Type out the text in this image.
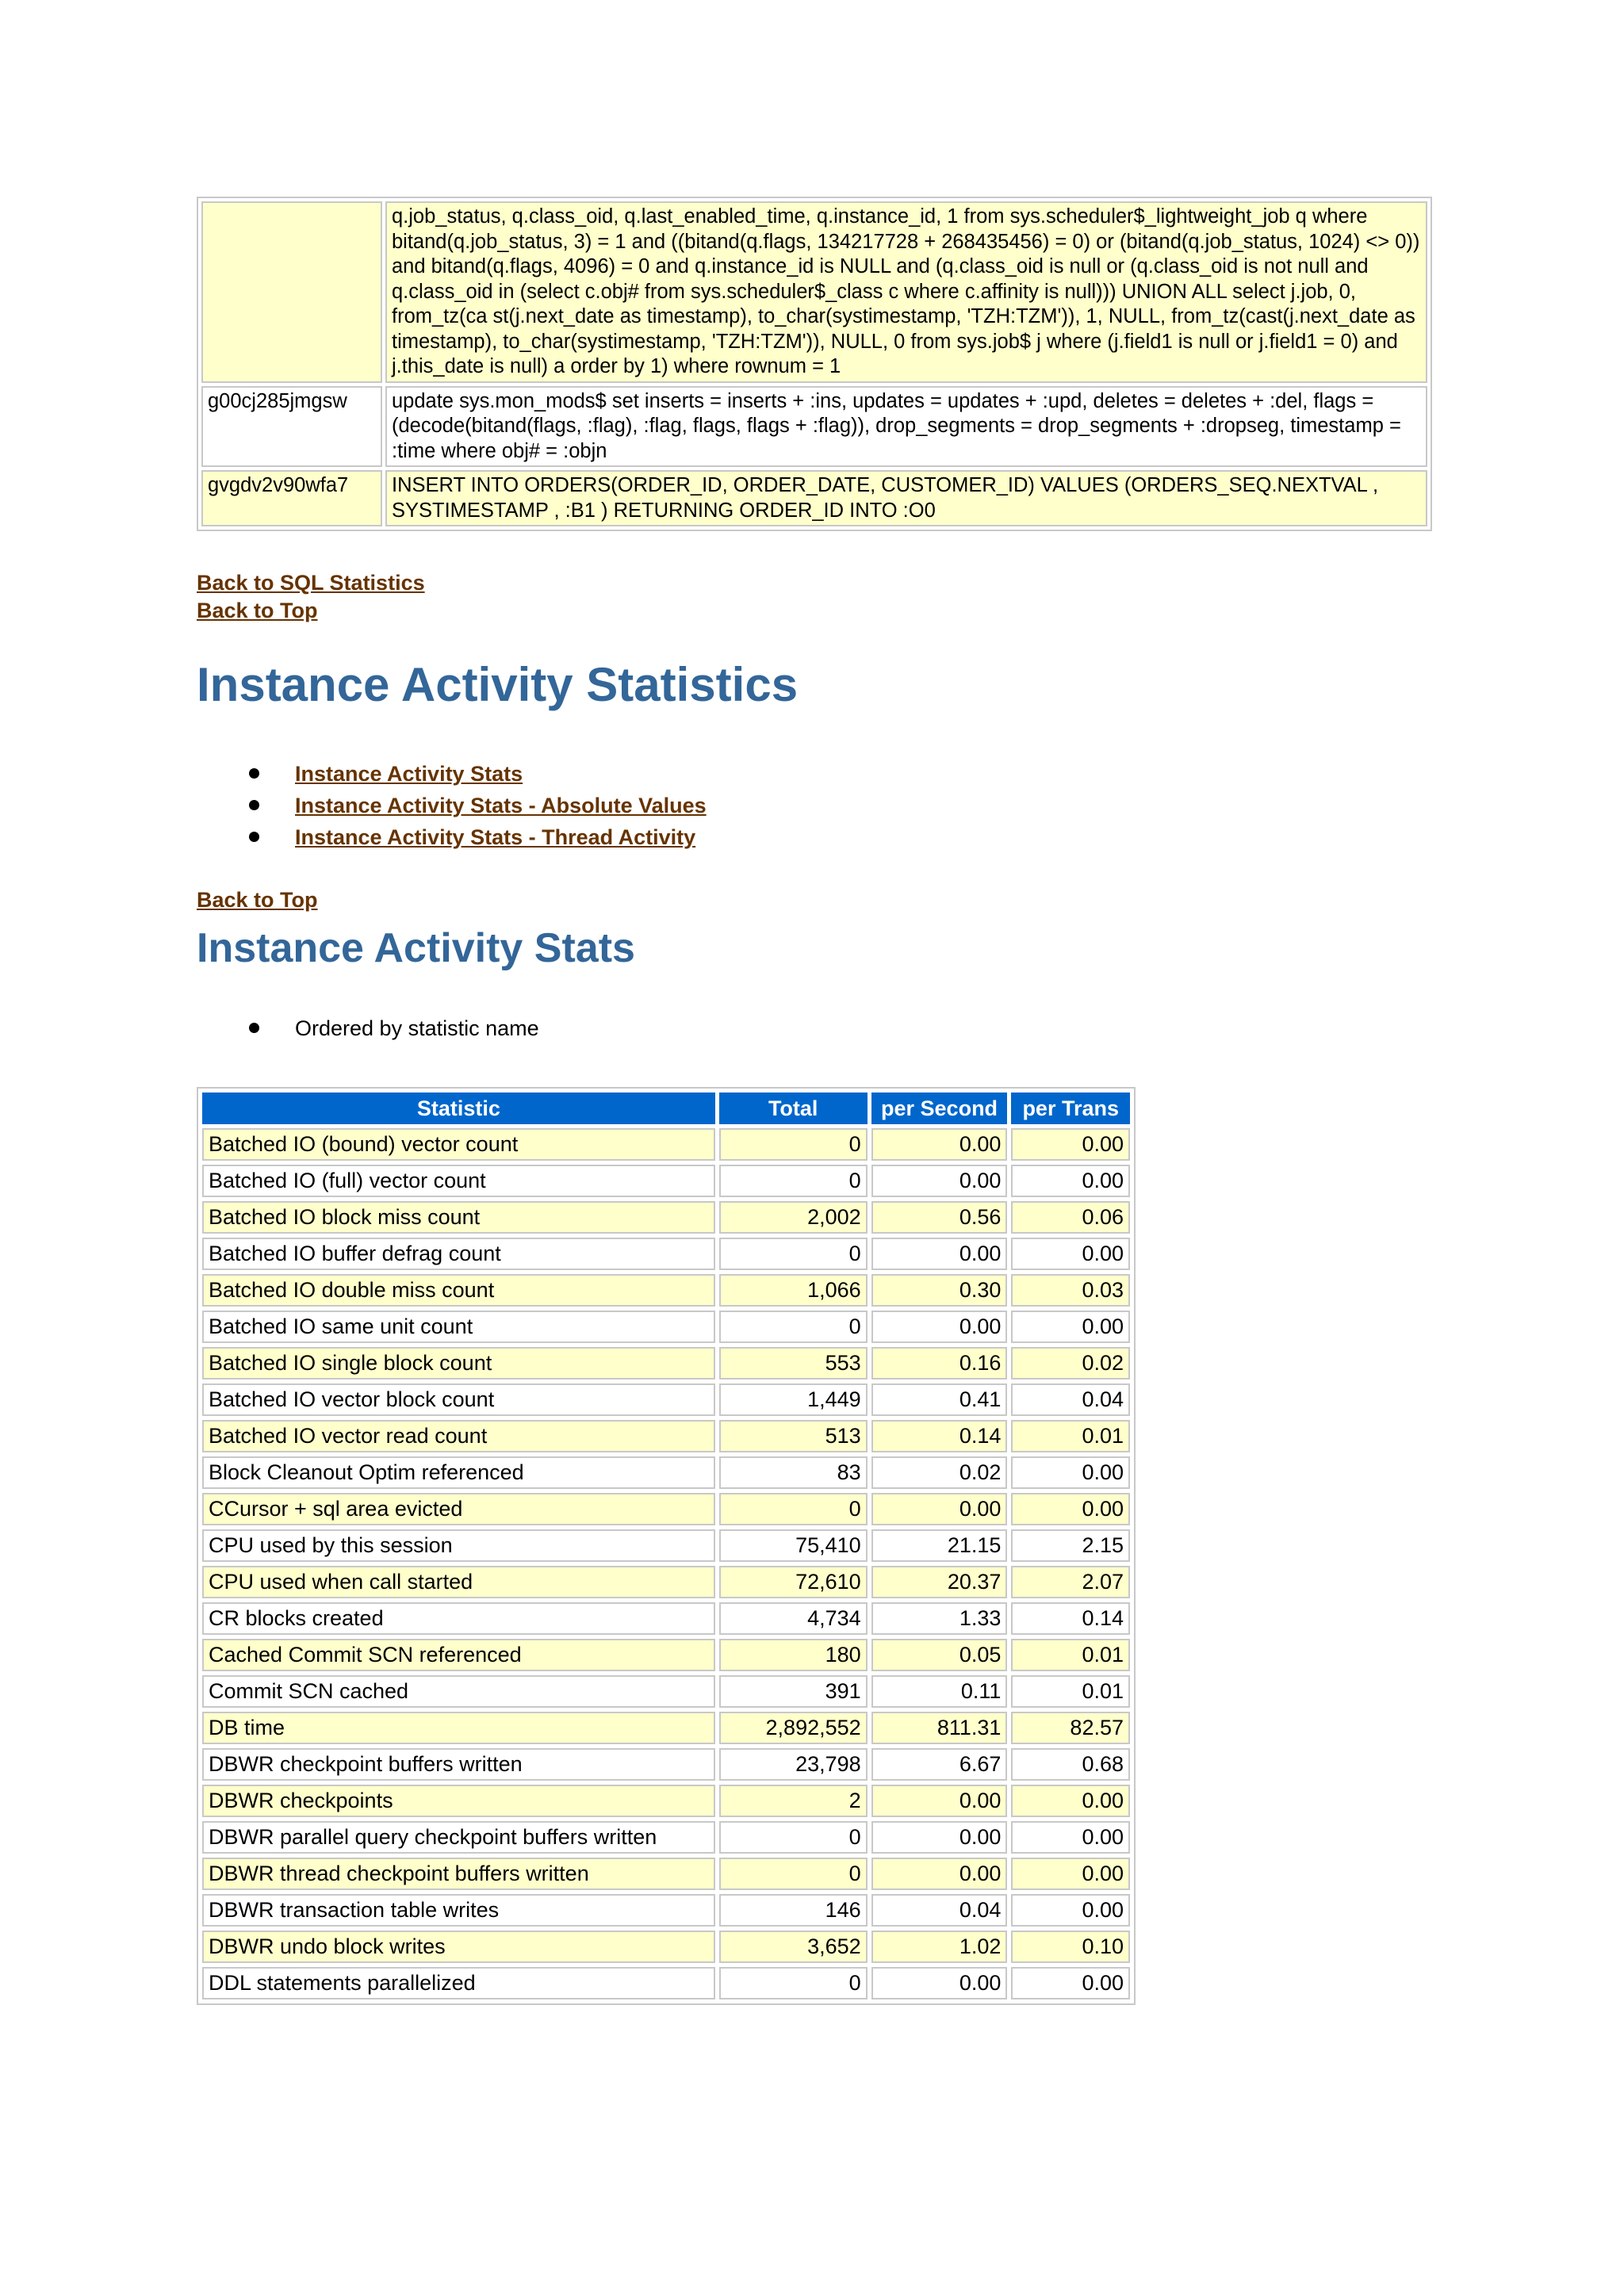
	q.job_status, q.class_oid, q.last_enabled_time, q.instance_id, 1 from sys.scheduler$_lightweight_job q where bitand(q.job_status, 3) = 1 and ((bitand(q.flags, 134217728 + 268435456) = 0) or (bitand(q.job_status, 1024) <> 0)) and bitand(q.flags, 4096) = 0 and q.instance_id is NULL and (q.class_oid is null or (q.class_oid is not null and q.class_oid in (select c.obj# from sys.scheduler$_class c where c.affinity is null))) UNION ALL select j.job, 0, from_tz(ca st(j.next_date as timestamp), to_char(systimestamp, 'TZH:TZM')), 1, NULL, from_tz(cast(j.next_date as timestamp), to_char(systimestamp, 'TZH:TZM')), NULL, 0 from sys.job$ j where (j.field1 is null or j.field1 = 0) and j.this_date is null) a order by 1) where rownum = 1
g00cj285jmgsw	update sys.mon_mods$ set inserts = inserts + :ins, updates = updates + :upd, deletes = deletes + :del, flags = (decode(bitand(flags, :flag), :flag, flags, flags + :flag)), drop_segments = drop_segments + :dropseg, timestamp = :time where obj# = :objn
gvgdv2v90wfa7	INSERT INTO ORDERS(ORDER_ID, ORDER_DATE, CUSTOMER_ID) VALUES (ORDERS_SEQ.NEXTVAL , SYSTIMESTAMP , :B1 ) RETURNING ORDER_ID INTO :O0
Back to SQL Statistics
Back to Top
Instance Activity Statistics
Instance Activity Stats
Instance Activity Stats - Absolute Values
Instance Activity Stats - Thread Activity
Back to Top
Instance Activity Stats
Ordered by statistic name
Statistic	Total	per Second	per Trans
Batched IO (bound) vector count	0	0.00	0.00
Batched IO (full) vector count	0	0.00	0.00
Batched IO block miss count	2,002	0.56	0.06
Batched IO buffer defrag count	0	0.00	0.00
Batched IO double miss count	1,066	0.30	0.03
Batched IO same unit count	0	0.00	0.00
Batched IO single block count	553	0.16	0.02
Batched IO vector block count	1,449	0.41	0.04
Batched IO vector read count	513	0.14	0.01
Block Cleanout Optim referenced	83	0.02	0.00
CCursor + sql area evicted	0	0.00	0.00
CPU used by this session	75,410	21.15	2.15
CPU used when call started	72,610	20.37	2.07
CR blocks created	4,734	1.33	0.14
Cached Commit SCN referenced	180	0.05	0.01
Commit SCN cached	391	0.11	0.01
DB time	2,892,552	811.31	82.57
DBWR checkpoint buffers written	23,798	6.67	0.68
DBWR checkpoints	2	0.00	0.00
DBWR parallel query checkpoint buffers written	0	0.00	0.00
DBWR thread checkpoint buffers written	0	0.00	0.00
DBWR transaction table writes	146	0.04	0.00
DBWR undo block writes	3,652	1.02	0.10
DDL statements parallelized	0	0.00	0.00
